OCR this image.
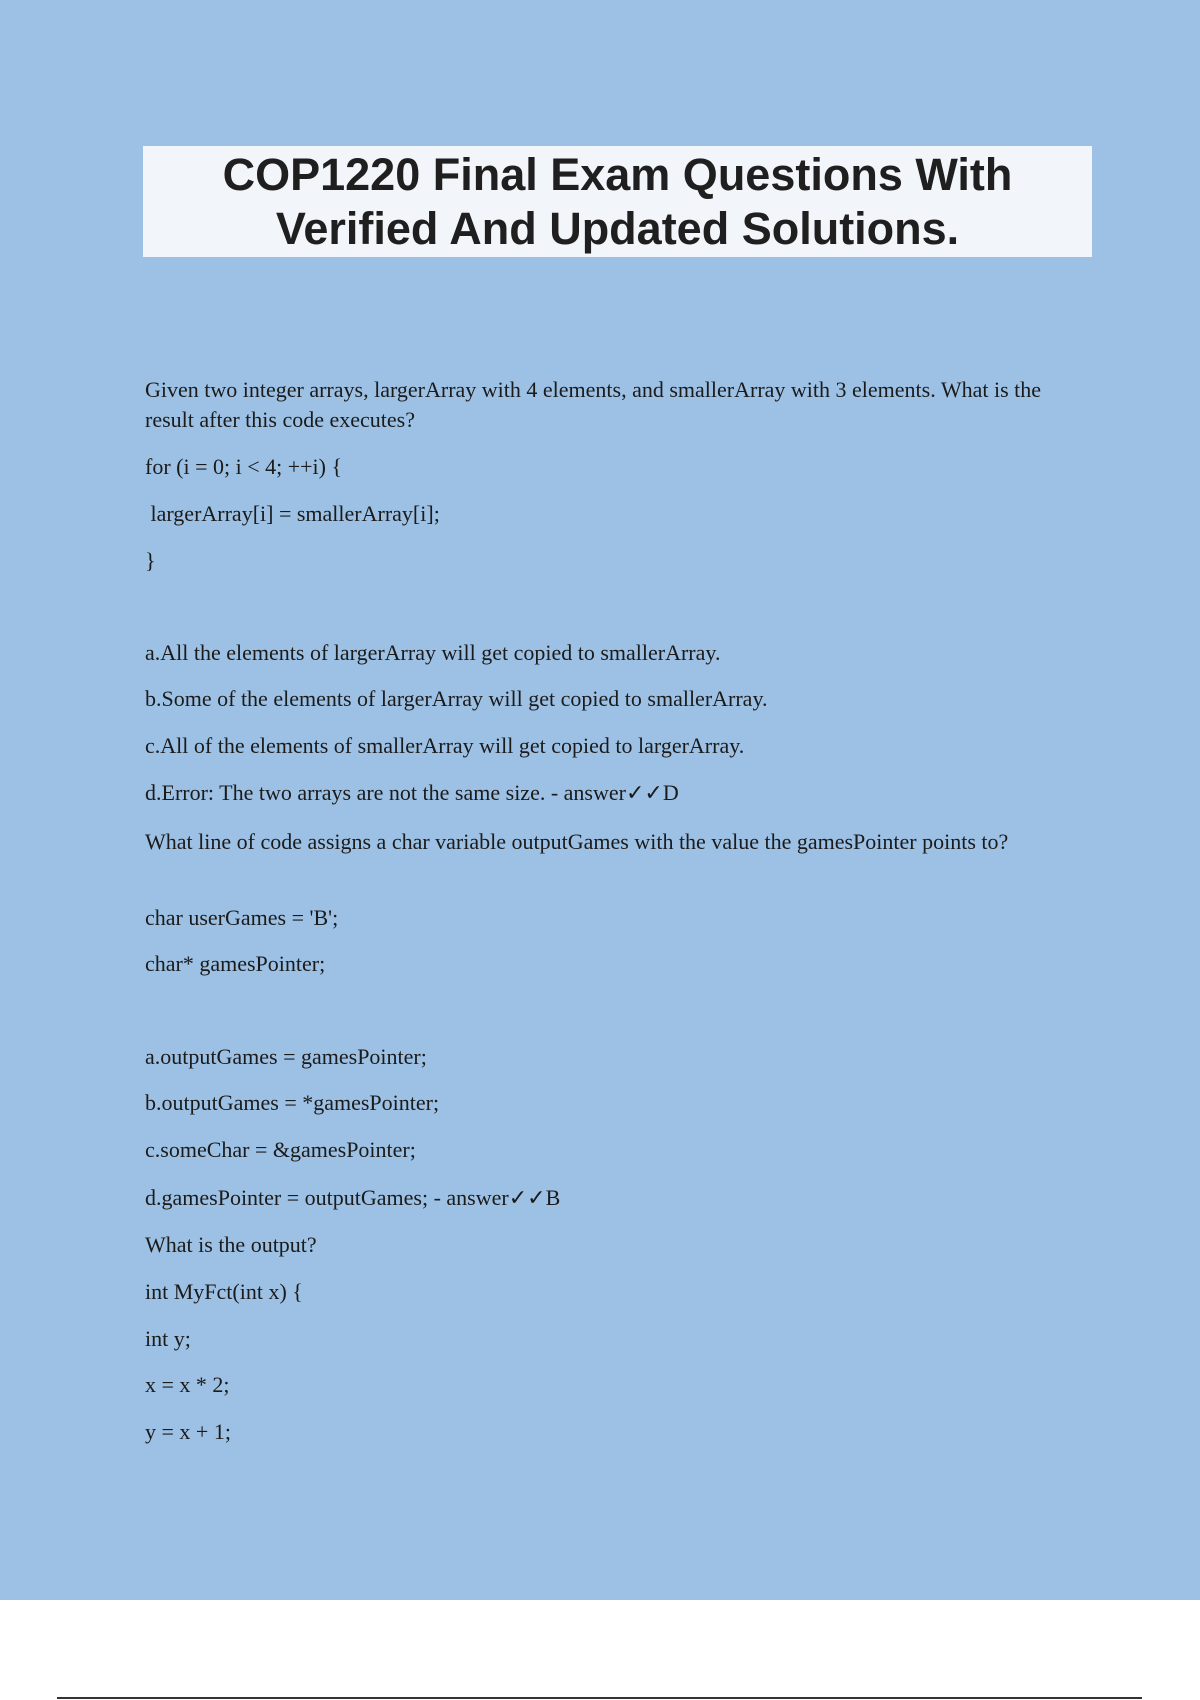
COP1220 Final Exam Questions With
Verified And Updated Solutions.
Given two integer arrays, largerArray with 4 elements, and smallerArray with 3 elements. What is the result after this code executes?
for (i = 0; i < 4; ++i) {
largerArray[i] = smallerArray[i];
}
a.All the elements of largerArray will get copied to smallerArray.
b.Some of the elements of largerArray will get copied to smallerArray.
c.All of the elements of smallerArray will get copied to largerArray.
d.Error: The two arrays are not the same size. - answer✓✓D
What line of code assigns a char variable outputGames with the value the gamesPointer points to?
char userGames = 'B';
char* gamesPointer;
a.outputGames = gamesPointer;
b.outputGames = *gamesPointer;
c.someChar = &gamesPointer;
d.gamesPointer = outputGames; - answer✓✓B
What is the output?
int MyFct(int x) {
int y;
x = x * 2;
y = x + 1;
